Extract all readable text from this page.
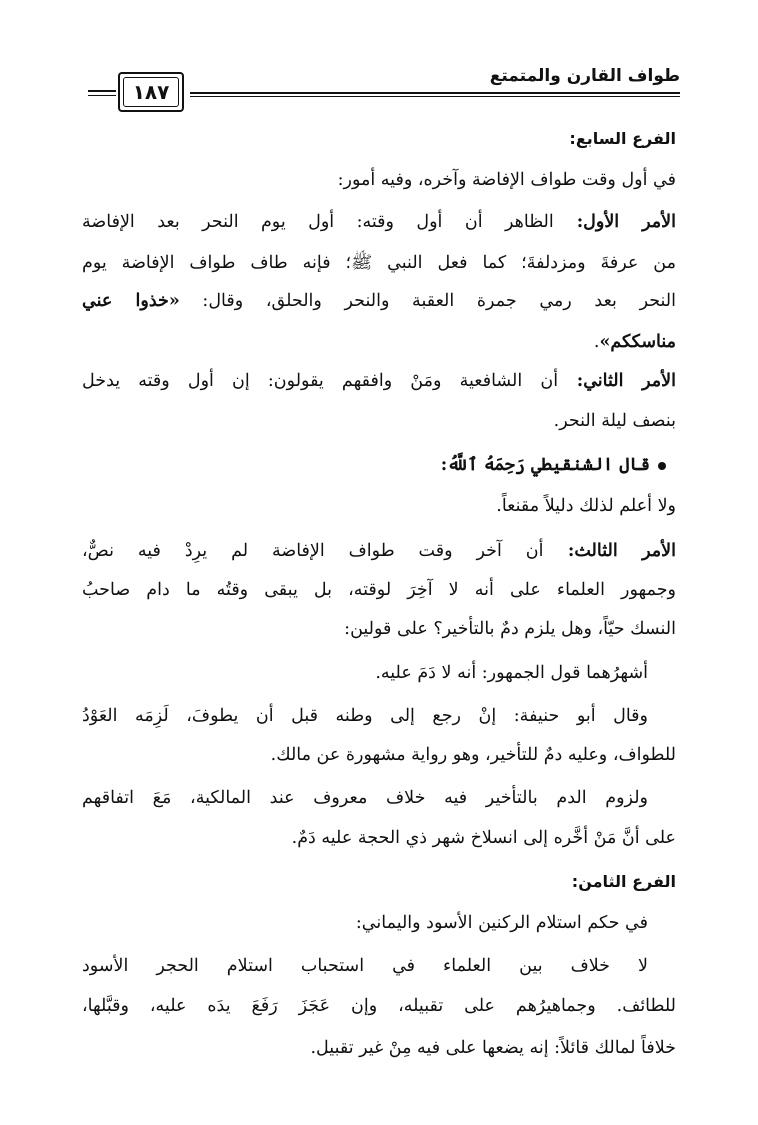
طواف القارن والمتمتع
١٨٧
الفرع السابع:
في أول وقت طواف الإفاضة وآخره، وفيه أمور:
الأمر الأول: الظاهر أن أول وقته: أول يوم النحر بعد الإفاضة
من عرفةَ ومزدلفةَ؛ كما فعل النبي ﷺ؛ فإنه طاف طواف الإفاضة يوم
النحر بعد رمي جمرة العقبة والنحر والحلق، وقال: «خذوا عني
مناسككم».
الأمر الثاني: أن الشافعية ومَنْ وافقهم يقولون: إن أول وقته يدخل
بنصف ليلة النحر.
قال الشنقيطي رَحِمَهُ ٱللَّهُ:
ولا أعلم لذلك دليلاً مقنعاً.
الأمر الثالث: أن آخر وقت طواف الإفاضة لم يرِدْ فيه نصٌّ،
وجمهور العلماء على أنه لا آخِرَ لوقته، بل يبقى وقتُه ما دام صاحبُ
النسك حيّاً، وهل يلزم دمٌ بالتأخير؟ على قولين:
أشهرُهما قول الجمهور: أنه لا دَمَ عليه.
وقال أبو حنيفة: إنْ رجع إلى وطنه قبل أن يطوفَ، لَزِمَه العَوْدُ
للطواف، وعليه دمٌ للتأخير، وهو رواية مشهورة عن مالك.
ولزوم الدم بالتأخير فيه خلاف معروف عند المالكية، مَعَ اتفاقهم
على أنَّ مَنْ أخَّره إلى انسلاخ شهر ذي الحجة عليه دَمٌ.
الفرع الثامن:
في حكم استلام الركنين الأسود واليماني:
لا خلاف بين العلماء في استحباب استلام الحجر الأسود
للطائف. وجماهيرُهم على تقبيله، وإن عَجَزَ رَفَعَ يدَه عليه، وقبَّلها،
خلافاً لمالك قائلاً: إنه يضعها على فيه مِنْ غير تقبيل.
